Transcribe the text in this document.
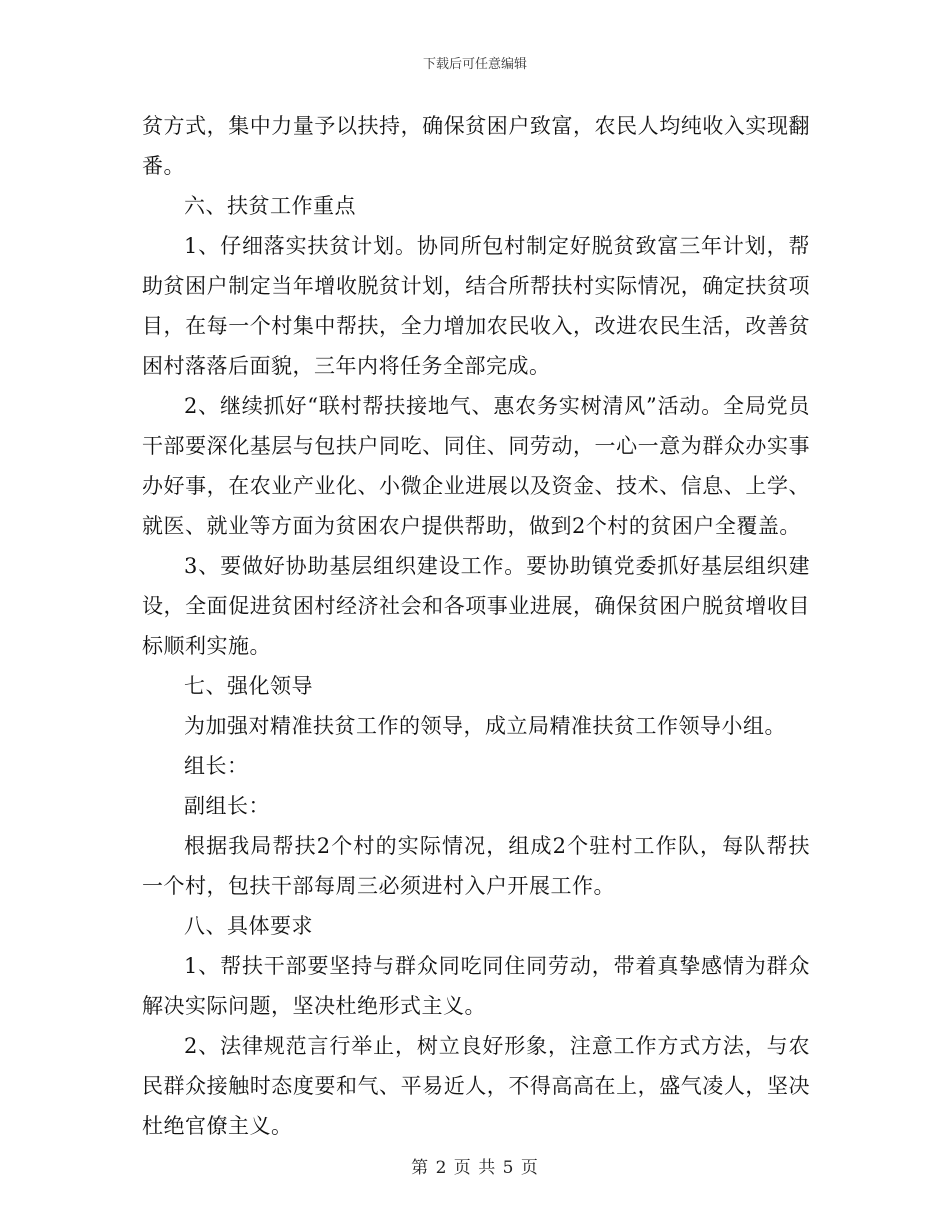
下载后可任意编辑

贫方式，集中力量予以扶持，确保贫困户致富，农民人均纯收入实现翻番。

六、扶贫工作重点

1、仔细落实扶贫计划。协同所包村制定好脱贫致富三年计划，帮助贫困户制定当年增收脱贫计划，结合所帮扶村实际情况，确定扶贫项目，在每一个村集中帮扶，全力增加农民收入，改进农民生活，改善贫困村落落后面貌，三年内将任务全部完成。

2、继续抓好“联村帮扶接地气、惠农务实树清风”活动。全局党员干部要深化基层与包扶户同吃、同住、同劳动，一心一意为群众办实事办好事，在农业产业化、小微企业进展以及资金、技术、信息、上学、就医、就业等方面为贫困农户提供帮助，做到2个村的贫困户全覆盖。

3、要做好协助基层组织建设工作。要协助镇党委抓好基层组织建设，全面促进贫困村经济社会和各项事业进展，确保贫困户脱贫增收目标顺利实施。

七、强化领导

为加强对精准扶贫工作的领导，成立局精准扶贫工作领导小组。

组长：

副组长：

根据我局帮扶2个村的实际情况，组成2个驻村工作队，每队帮扶一个村，包扶干部每周三必须进村入户开展工作。

八、具体要求

1、帮扶干部要坚持与群众同吃同住同劳动，带着真挚感情为群众解决实际问题，坚决杜绝形式主义。

2、法律规范言行举止，树立良好形象，注意工作方式方法，与农民群众接触时态度要和气、平易近人，不得高高在上，盛气凌人，坚决杜绝官僚主义。

第 2 页 共 5 页
